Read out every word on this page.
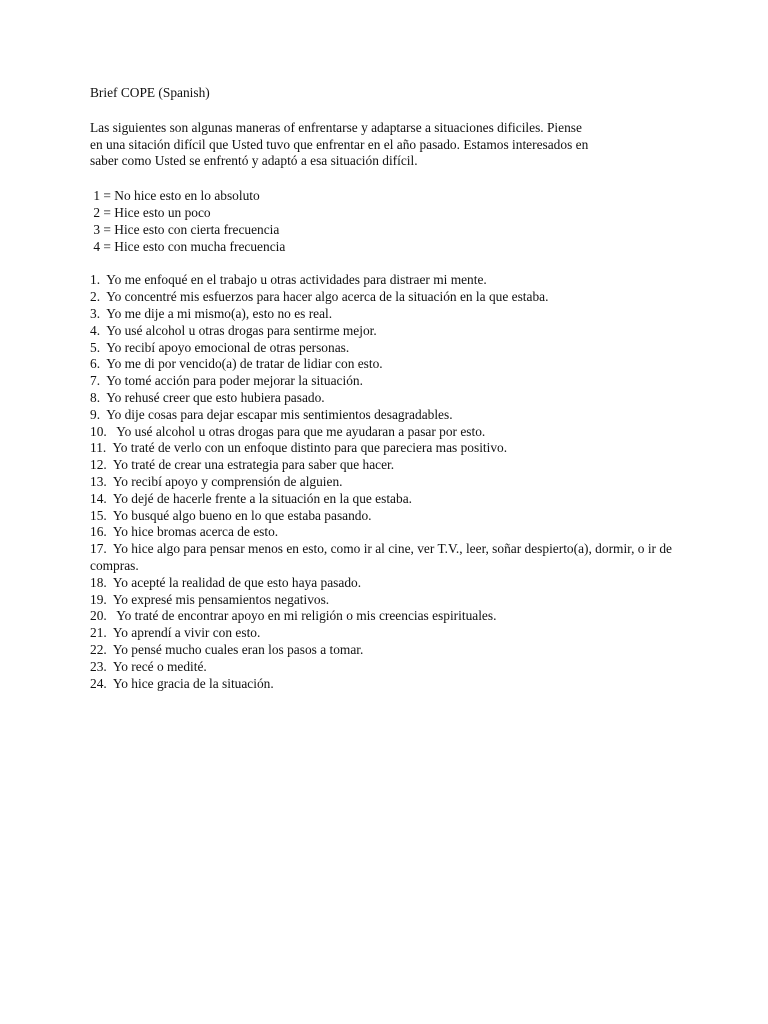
Brief COPE (Spanish)
Las siguientes son algunas maneras of enfrentarse y adaptarse a situaciones dificiles. Piense
en una sitación difícil que Usted tuvo que enfrentar en el año pasado. Estamos interesados en
saber como Usted se enfrentó y adaptó a esa situación difícil.
1 = No hice esto en lo absoluto
2 = Hice esto un poco
3 = Hice esto con cierta frecuencia
4 = Hice esto con mucha frecuencia
1.  Yo me enfoqué en el trabajo u otras actividades para distraer mi mente.
2.  Yo concentré mis esfuerzos para hacer algo acerca de la situación en la que estaba.
3.  Yo me dije a mi mismo(a), esto no es real.
4.  Yo usé alcohol u otras drogas para sentirme mejor.
5.  Yo recibí apoyo emocional de otras personas.
6.  Yo me di por vencido(a) de tratar de lidiar con esto.
7.  Yo tomé acción para poder mejorar la situación.
8.  Yo rehusé creer que esto hubiera pasado.
9.  Yo dije cosas para dejar escapar mis sentimientos desagradables.
10.   Yo usé alcohol u otras drogas para que me ayudaran a pasar por esto.
11.  Yo traté de verlo con un enfoque distinto para que pareciera mas positivo.
12.  Yo traté de crear una estrategia para saber que hacer.
13.  Yo recibí apoyo y comprensión de alguien.
14.  Yo dejé de hacerle frente a la situación en la que estaba.
15.  Yo busqué algo bueno en lo que estaba pasando.
16.  Yo hice bromas acerca de esto.
17.  Yo hice algo para pensar menos en esto, como ir al cine, ver T.V., leer, soñar despierto(a), dormir, o ir de compras.
18.  Yo acepté la realidad de que esto haya pasado.
19.  Yo expresé mis pensamientos negativos.
20.   Yo traté de encontrar apoyo en mi religión o mis creencias espirituales.
21.  Yo aprendí a vivir con esto.
22.  Yo pensé mucho cuales eran los pasos a tomar.
23.  Yo recé o medité.
24.  Yo hice gracia de la situación.
